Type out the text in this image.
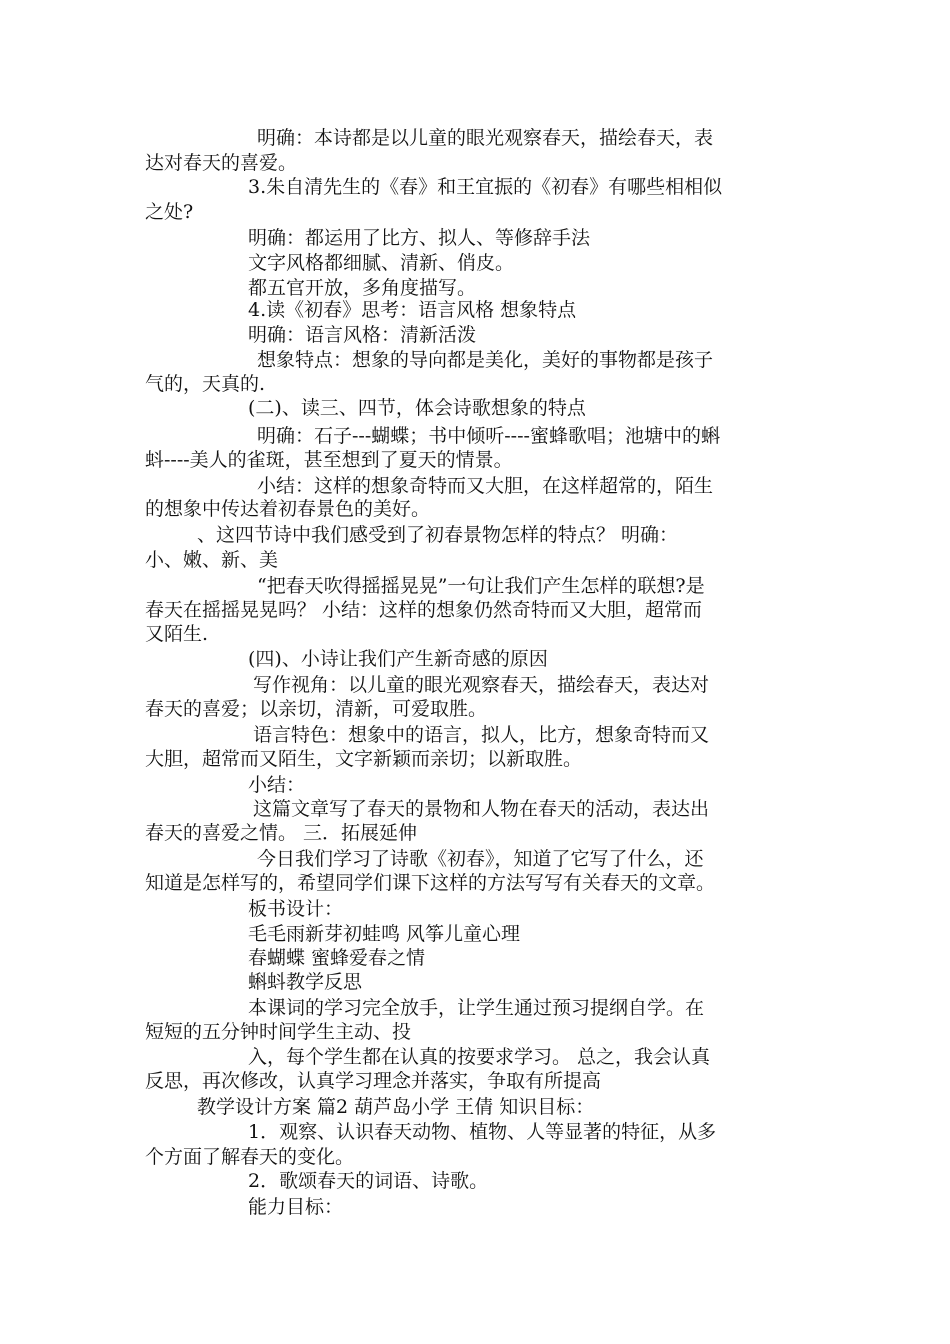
明确：本诗都是以儿童的眼光观察春天，描绘春天，表
达对春天的喜爱。
3.朱自清先生的《春》和王宜振的《初春》有哪些相相似
之处?
明确：都运用了比方、拟人、等修辞手法
文字风格都细腻、清新、俏皮。
都五官开放，多角度描写。
4.读《初春》思考：语言风格 想象特点
明确：语言风格：清新活泼
想象特点：想象的导向都是美化，美好的事物都是孩子
气的，天真的.
(二)、读三、四节，体会诗歌想象的特点
明确：石子---蝴蝶；书中倾听----蜜蜂歌唱；池塘中的蝌
蚪----美人的雀斑，甚至想到了夏天的情景。
小结：这样的想象奇特而又大胆，在这样超常的，陌生
的想象中传达着初春景色的美好。
、这四节诗中我们感受到了初春景物怎样的特点？ 明确：
小、嫩、新、美
“把春天吹得摇摇晃晃”一句让我们产生怎样的联想?是
春天在摇摇晃晃吗？ 小结：这样的想象仍然奇特而又大胆，超常而
又陌生.
(四)、小诗让我们产生新奇感的原因
写作视角：以儿童的眼光观察春天，描绘春天，表达对
春天的喜爱；以亲切，清新，可爱取胜。
语言特色：想象中的语言，拟人，比方，想象奇特而又
大胆，超常而又陌生，文字新颖而亲切；以新取胜。
小结：
这篇文章写了春天的景物和人物在春天的活动，表达出
春天的喜爱之情。 三．拓展延伸
今日我们学习了诗歌《初春》，知道了它写了什么，还
知道是怎样写的，希望同学们课下这样的方法写写有关春天的文章。
板书设计：
毛毛雨新芽初蛙鸣 风筝儿童心理
春蝴蝶 蜜蜂爱春之情
蝌蚪教学反思
本课词的学习完全放手，让学生通过预习提纲自学。在
短短的五分钟时间学生主动、投
入，每个学生都在认真的按要求学习。 总之，我会认真
反思，再次修改，认真学习理念并落实，争取有所提高
教学设计方案 篇2 葫芦岛小学 王倩 知识目标：
1．观察、认识春天动物、植物、人等显著的特征，从多
个方面了解春天的变化。
2．歌颂春天的词语、诗歌。
能力目标：
